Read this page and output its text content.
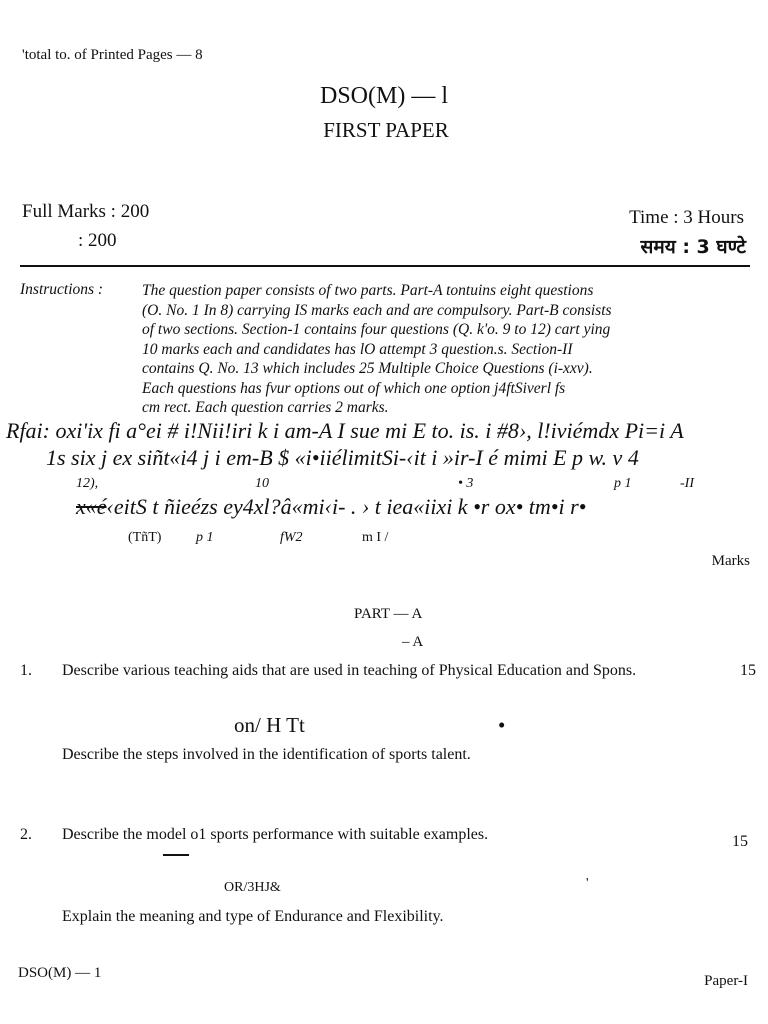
'total to. of Printed Pages — 8
DSO(M) — l
FIRST PAPER
Full Marks : 200
: 200
Time : 3 Hours
समय : 3 घण्टे
Instructions :	The question paper consists of two parts. Part-A tontuins eight questions
(O. No. 1 In 8) carrying IS marks each and are compulsory. Part-B consists
of two sections. Section-1 contains four questions (Q. k'o. 9 to 12) cart ying
10 marks each and candidates has lO attempt 3 question.s. Section-II
contains Q. No. 13 which includes 25 Multiple Choice Questions (i-xxv).
Each questions has fvur options out of which one option j4ftSiverl fs
cm rect. Each question carries 2 marks.
Rfai: oxi'ix fi a°ei # i!Nii!iri k i am-A I sue mi E to. is. i #8›, l!iviémdx Pi=i A
1s six j ex siñt«i4 j i em-B $ «i•iiélimitSi-‹it i »ir-I é mimi E p w. v 4
12),	10	• 3	p 1	-II
x«é‹eitS t ñieézs ey4xl?â«mi‹i- . › t iea«iixi k •r ox• tm•i r•
(TñT) p 1	fW2	m I /
Marks
PART — A
– A
1. Describe various teaching aids that are used in teaching of Physical Education and Spons.	15
on/ H Tt	•
Describe the steps involved in the identification of sports talent.
2. Describe the model o1 sports performance with suitable examples.	15
OR/3HJ&	'
Explain the meaning and type of Endurance and Flexibility.
DSO(M) — 1	Paper-I
